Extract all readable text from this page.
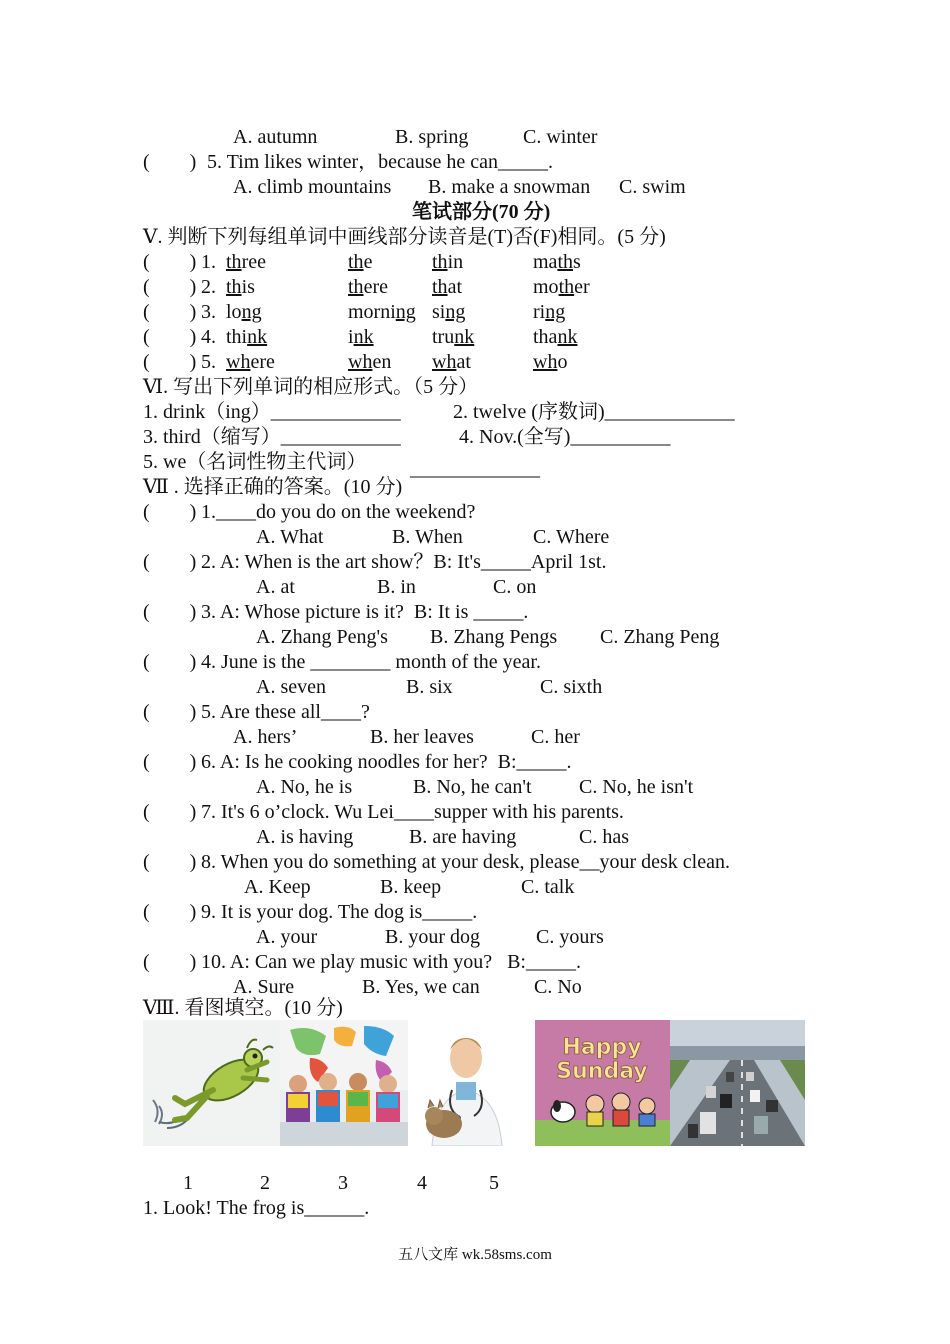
A. autumn	B. spring	C. winter
(        ) 5. Tim likes winter，because he can_____.
A. climb mountains B. make a snowman C. swim
笔试部分(70 分)
Ⅴ. 判断下列每组单词中画线部分读音是(T)否(F)相同。(5 分)
(        ) 1. three	the	thin	maths
(        ) 2. this	there that	mother
(        ) 3. long	morning sing	ring
(        ) 4. think	ink	trunk	thank
(        ) 5. where	when what	who
Ⅵ. 写出下列单词的相应形式。（5 分）
1. drink（ing）_____________	2. twelve (序数词)_____________
3. third（缩写）____________	4. Nov.(全写)__________
5. we（名词性物主代词） _____________
Ⅶ . 选择正确的答案。(10 分)
(        ) 1.____do you do on the weekend?
A. What	B. When	C. Where
(        ) 2. A: When is the art show？B: It's_____April 1st.
A. at	B. in	C. on
(        ) 3. A: Whose picture is it?  B: It is _____.
A. Zhang Peng's B. Zhang Pengs C. Zhang Peng
(        ) 4. June is the ________ month of the year.
A. seven	B. six	C. sixth
(        ) 5. Are these all____?
A. hers’	B. her leaves	C. her
(        ) 6. A: Is he cooking noodles for her?  B:_____.
A. No, he is	B. No, he can't C. No, he isn't
(        ) 7. It's 6 o’clock. Wu Lei____supper with his parents.
A. is having	B. are having	C. has
(        ) 8. When you do something at your desk, please__your desk clean.
A. Keep	B. keep	C. talk
(        ) 9. It is your dog. The dog is_____.
A. your	B. your dog	C. yours
(        ) 10. A: Can we play music with you?   B:_____.
A. Sure	B. Yes, we can	C. No
Ⅷ. 看图填空。(10 分)
Happy
Sunday
1	2	3	4	5
1. Look! The frog is______.
五八文库 wk.58sms.com
